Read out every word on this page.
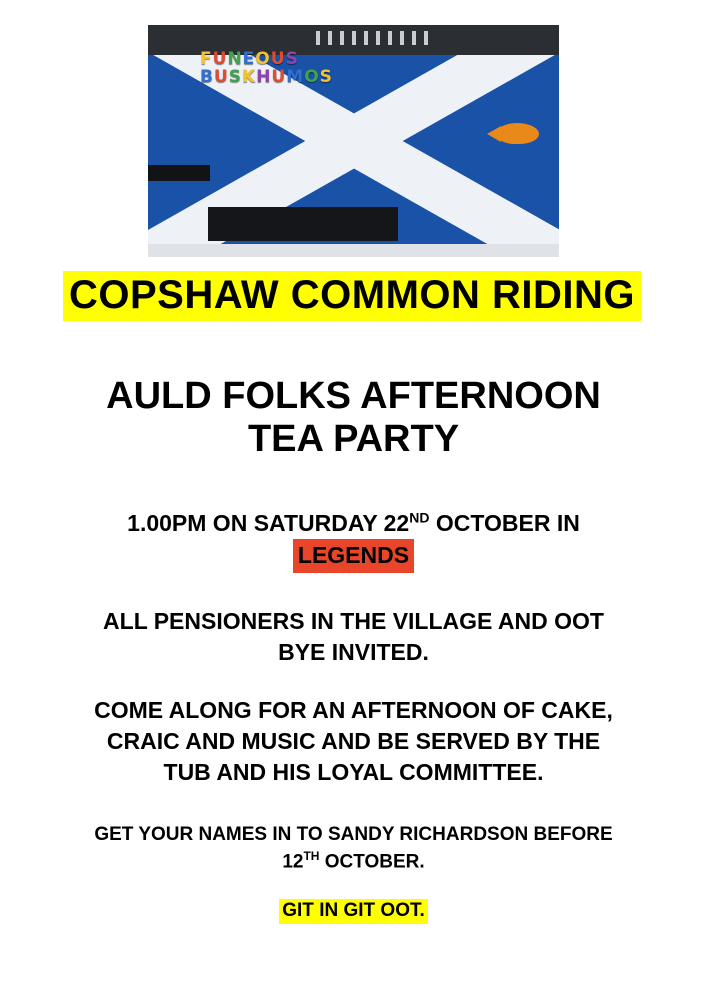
FUNEOUS
BUSKHUMOS
COPSHAW COMMON RIDING
AULD FOLKS AFTERNOON
TEA PARTY
1.00PM ON SATURDAY 22ND OCTOBER IN
LEGENDS
ALL PENSIONERS IN THE VILLAGE AND OOT
BYE INVITED.
COME ALONG FOR AN AFTERNOON OF CAKE,
CRAIC AND MUSIC AND BE SERVED BY THE
TUB AND HIS LOYAL COMMITTEE.
GET YOUR NAMES IN TO SANDY RICHARDSON BEFORE
12TH OCTOBER.
GIT IN GIT OOT.
